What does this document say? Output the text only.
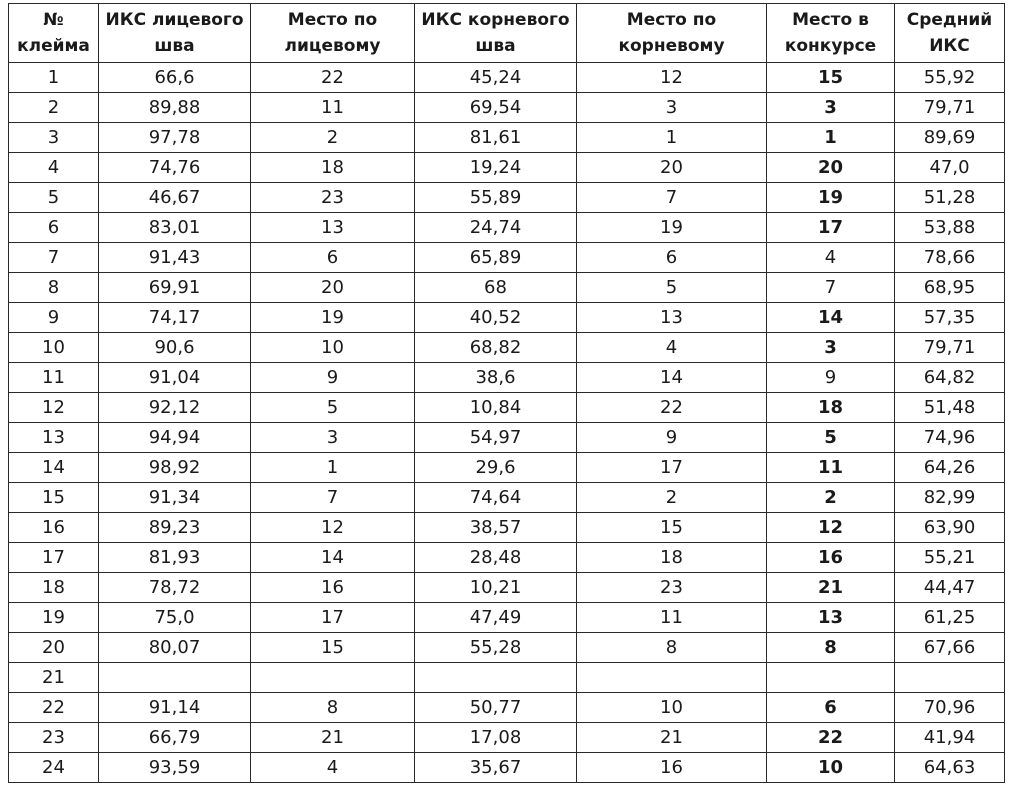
№ клейма	ИКС лицевого шва	Место по лицевому	ИКС корневого шва	Место по корневому	Место в конкурсе	Средний ИКС
1	66,6	22	45,24	12	15	55,92
2	89,88	11	69,54	3	3	79,71
3	97,78	2	81,61	1	1	89,69
4	74,76	18	19,24	20	20	47,0
5	46,67	23	55,89	7	19	51,28
6	83,01	13	24,74	19	17	53,88
7	91,43	6	65,89	6	4	78,66
8	69,91	20	68	5	7	68,95
9	74,17	19	40,52	13	14	57,35
10	90,6	10	68,82	4	3	79,71
11	91,04	9	38,6	14	9	64,82
12	92,12	5	10,84	22	18	51,48
13	94,94	3	54,97	9	5	74,96
14	98,92	1	29,6	17	11	64,26
15	91,34	7	74,64	2	2	82,99
16	89,23	12	38,57	15	12	63,90
17	81,93	14	28,48	18	16	55,21
18	78,72	16	10,21	23	21	44,47
19	75,0	17	47,49	11	13	61,25
20	80,07	15	55,28	8	8	67,66
21						
22	91,14	8	50,77	10	6	70,96
23	66,79	21	17,08	21	22	41,94
24	93,59	4	35,67	16	10	64,63
